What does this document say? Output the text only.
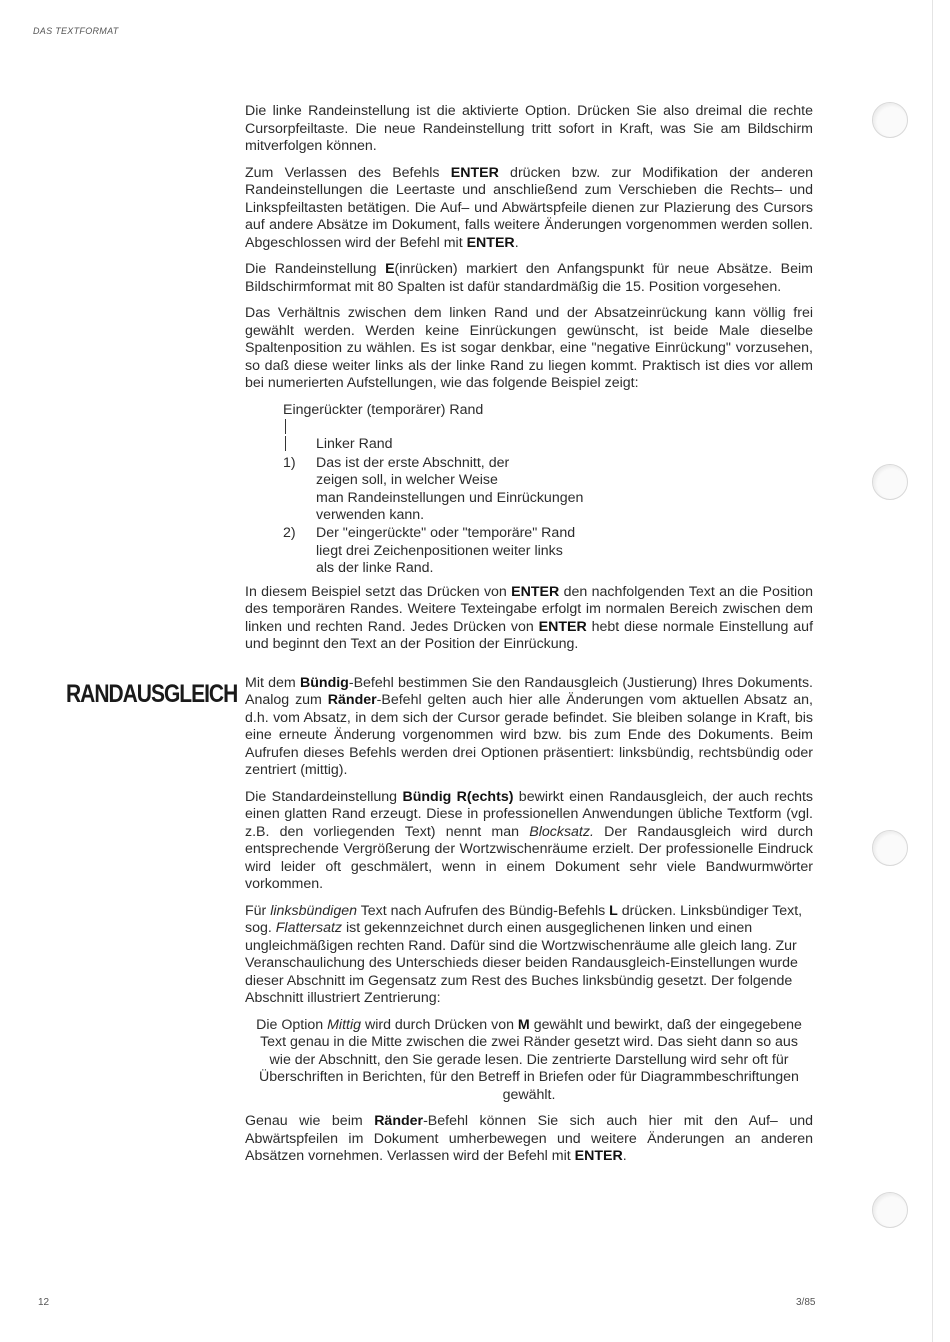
DAS TEXTFORMAT
RANDAUSGLEICH

Die linke Randeinstellung ist die aktivierte Option. Drücken Sie also dreimal die rechte Cursorpfeiltaste. Die neue Randeinstellung tritt sofort in Kraft, was Sie am Bildschirm mitverfolgen können.

Zum Verlassen des Befehls ENTER drücken bzw. zur Modifikation der anderen Randeinstellungen die Leertaste und anschließend zum Verschieben die Rechts– und Linkspfeiltasten betätigen. Die Auf– und Abwärtspfeile dienen zur Plazierung des Cursors auf andere Absätze im Dokument, falls weitere Änderungen vorgenommen werden sollen. Abgeschlossen wird der Befehl mit ENTER.

Die Randeinstellung E(inrücken) markiert den Anfangspunkt für neue Absätze. Beim Bildschirmformat mit 80 Spalten ist dafür standardmäßig die 15. Position vorgesehen.

Das Verhältnis zwischen dem linken Rand und der Absatzeinrückung kann völlig frei gewählt werden. Werden keine Einrückungen gewünscht, ist beide Male dieselbe Spaltenposition zu wählen. Es ist sogar denkbar, eine "negative Einrückung" vorzusehen, so daß diese weiter links als der linke Rand zu liegen kommt. Praktisch ist dies vor allem bei numerierten Aufstellungen, wie das folgende Beispiel zeigt:

Eingerückter (temporärer) Rand
Linker Rand
1)	Das ist der erste Abschnitt, der
zeigen soll, in welcher Weise
man Randeinstellungen und Einrückungen
verwenden kann.
2)	Der "eingerückte" oder "temporäre" Rand
liegt drei Zeichenpositionen weiter links
als der linke Rand.

In diesem Beispiel setzt das Drücken von ENTER den nachfolgenden Text an die Position des temporären Randes. Weitere Texteingabe erfolgt im normalen Bereich zwischen dem linken und rechten Rand. Jedes Drücken von ENTER hebt diese normale Einstellung auf und beginnt den Text an der Position der Einrückung.

Mit dem Bündig-Befehl bestimmen Sie den Randausgleich (Justierung) Ihres Dokuments. Analog zum Ränder-Befehl gelten auch hier alle Änderungen vom aktuellen Absatz an, d.h. vom Absatz, in dem sich der Cursor gerade befindet. Sie bleiben solange in Kraft, bis eine erneute Änderung vorgenommen wird bzw. bis zum Ende des Dokuments. Beim Aufrufen dieses Befehls werden drei Optionen präsentiert: linksbündig, rechtsbündig oder zentriert (mittig).

Die Standardeinstellung Bündig R(echts) bewirkt einen Randausgleich, der auch rechts einen glatten Rand erzeugt. Diese in professionellen Anwendungen übliche Textform (vgl. z.B. den vorliegenden Text) nennt man Blocksatz. Der Randausgleich wird durch entsprechende Vergrößerung der Wortzwischenräume erzielt. Der professionelle Eindruck wird leider oft geschmälert, wenn in einem Dokument sehr viele Bandwurmwörter vorkommen.

Für linksbündigen Text nach Aufrufen des Bündig-Befehls L drücken. Linksbündiger Text, sog. Flattersatz ist gekennzeichnet durch einen ausgeglichenen linken und einen ungleichmäßigen rechten Rand. Dafür sind die Wortzwischenräume alle gleich lang. Zur Veranschaulichung des Unterschieds dieser beiden Randausgleich-Einstellungen wurde dieser Abschnitt im Gegensatz zum Rest des Buches linksbündig gesetzt. Der folgende Abschnitt illustriert Zentrierung:

Die Option Mittig wird durch Drücken von M gewählt und bewirkt, daß der eingegebene Text genau in die Mitte zwischen die zwei Ränder gesetzt wird. Das sieht dann so aus wie der Abschnitt, den Sie gerade lesen. Die zentrierte Darstellung wird sehr oft für Überschriften in Berichten, für den Betreff in Briefen oder für Diagrammbeschriftungen gewählt.

Genau wie beim Ränder-Befehl können Sie sich auch hier mit den Auf– und Abwärtspfeilen im Dokument umherbewegen und weitere Änderungen an anderen Absätzen vornehmen. Verlassen wird der Befehl mit ENTER.

12	3/85
